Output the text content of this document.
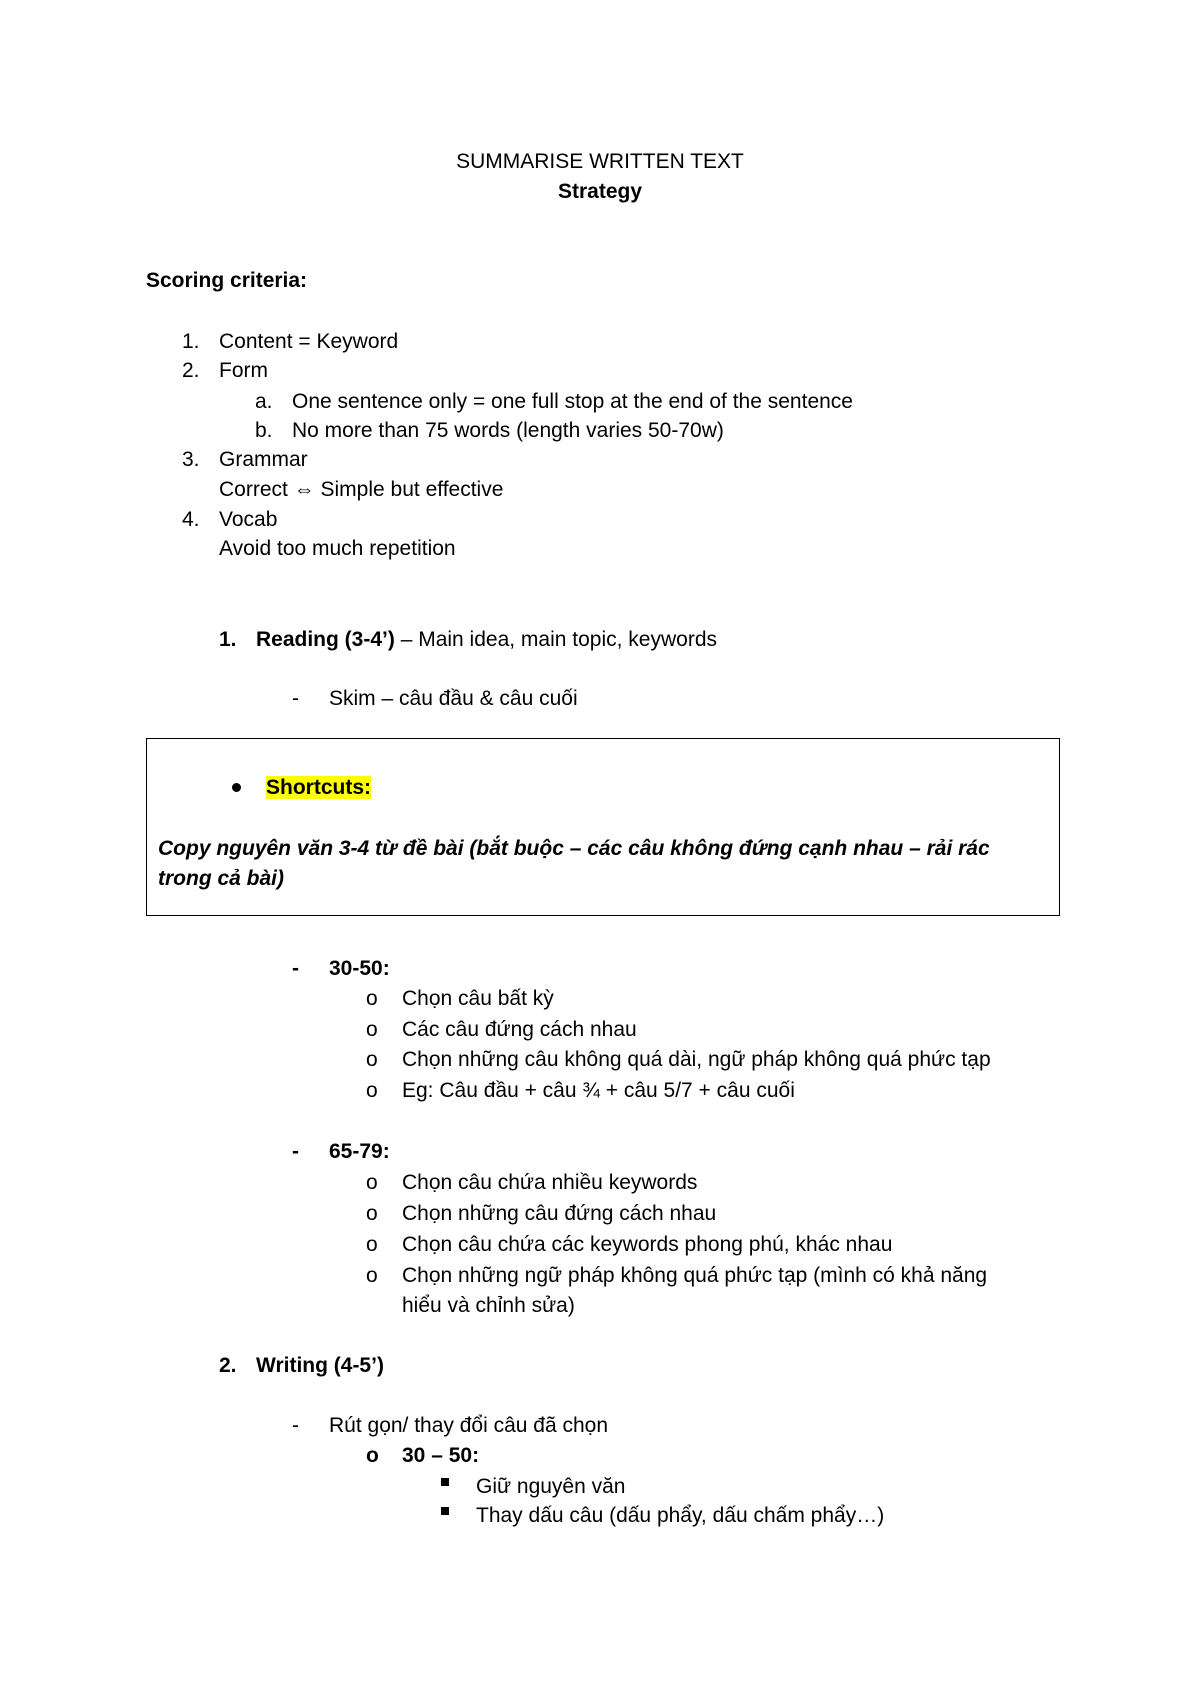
SUMMARISE WRITTEN TEXT
Strategy
Scoring criteria:
1. Content = Keyword
2. Form
a. One sentence only = one full stop at the end of the sentence
b. No more than 75 words (length varies 50-70w)
3. Grammar
Correct ⇔ Simple but effective
4. Vocab
Avoid too much repetition
1. Reading (3-4’) – Main idea, main topic, keywords
- Skim – câu đầu & câu cuối
Shortcuts:
Copy nguyên văn 3-4 từ đề bài (bắt buộc – các câu không đứng cạnh nhau – rải rác
trong cả bài)
- 30-50:
o Chọn câu bất kỳ
o Các câu đứng cách nhau
o Chọn những câu không quá dài, ngữ pháp không quá phức tạp
o Eg: Câu đầu + câu ¾ + câu 5/7 + câu cuối
- 65-79:
o Chọn câu chứa nhiều keywords
o Chọn những câu đứng cách nhau
o Chọn câu chứa các keywords phong phú, khác nhau
o Chọn những ngữ pháp không quá phức tạp (mình có khả năng
hiểu và chỉnh sửa)
2. Writing (4-5’)
- Rút gọn/ thay đổi câu đã chọn
o 30 – 50:
Giữ nguyên văn
Thay dấu câu (dấu phẩy, dấu chấm phẩy…)
